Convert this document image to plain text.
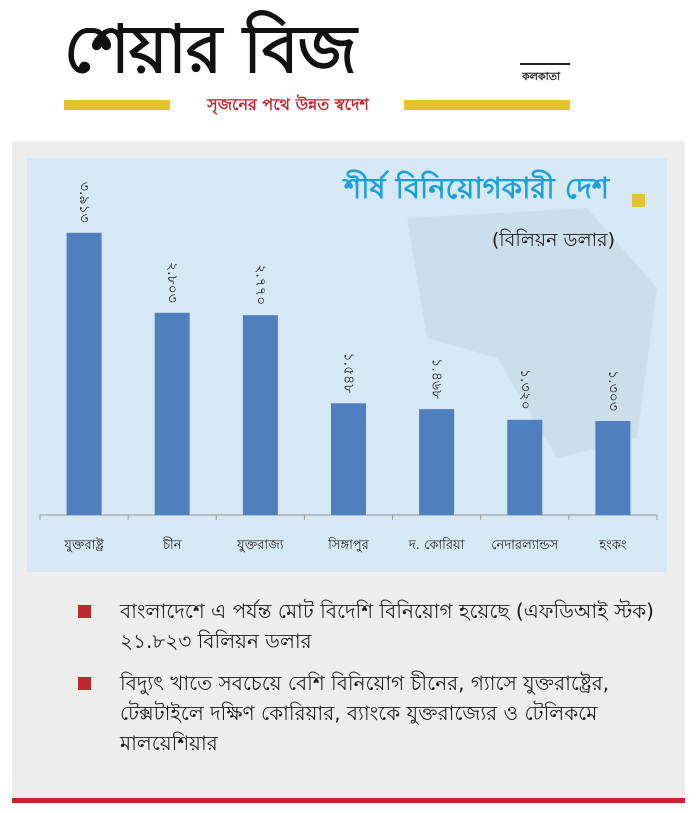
শেয়ার বিজ	কলকাতা
সৃজনের পথে উন্নত স্বদেশ
৩.৯১৩
যুক্তরাষ্ট্র
২.৮০৩
চীন
২.৭৭০
যুক্তরাজ্য
১.৫৪৮
সিঙ্গাপুর
১.৪৬৮
দ. কোরিয়া
১.৩২০
নেদারল্যান্ডস
১.৩০৩
হংকং
শীর্ষ বিনিয়োগকারী দেশ
(বিলিয়ন ডলার)
বাংলাদেশে এ পর্যন্ত মোট বিদেশি বিনিয়োগ হয়েছে (এফডিআই স্টক) ২১.৮২৩ বিলিয়ন ডলার
বিদ্যুৎ খাতে সবচেয়ে বেশি বিনিয়োগ চীনের, গ্যাসে যুক্তরাষ্ট্রের, টেক্সটাইলে দক্ষিণ কোরিয়ার, ব্যাংকে যুক্তরাজ্যের ও টেলিকমে মালয়েশিয়ার
